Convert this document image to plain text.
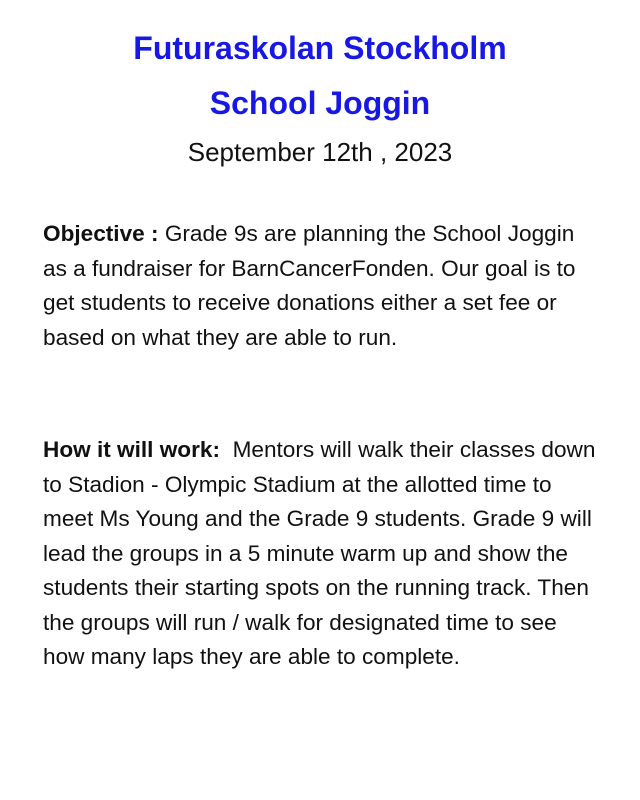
Futuraskolan Stockholm
School Joggin
September 12th , 2023

Objective : Grade 9s are planning the School Joggin as a fundraiser for BarnCancerFonden. Our goal is to get students to receive donations either a set fee or based on what they are able to run.

How it will work: Mentors will walk their classes down to Stadion - Olympic Stadium at the allotted time to meet Ms Young and the Grade 9 students. Grade 9 will lead the groups in a 5 minute warm up and show the students their starting spots on the running track. Then the groups will run / walk for designated time to see how many laps they are able to complete.
